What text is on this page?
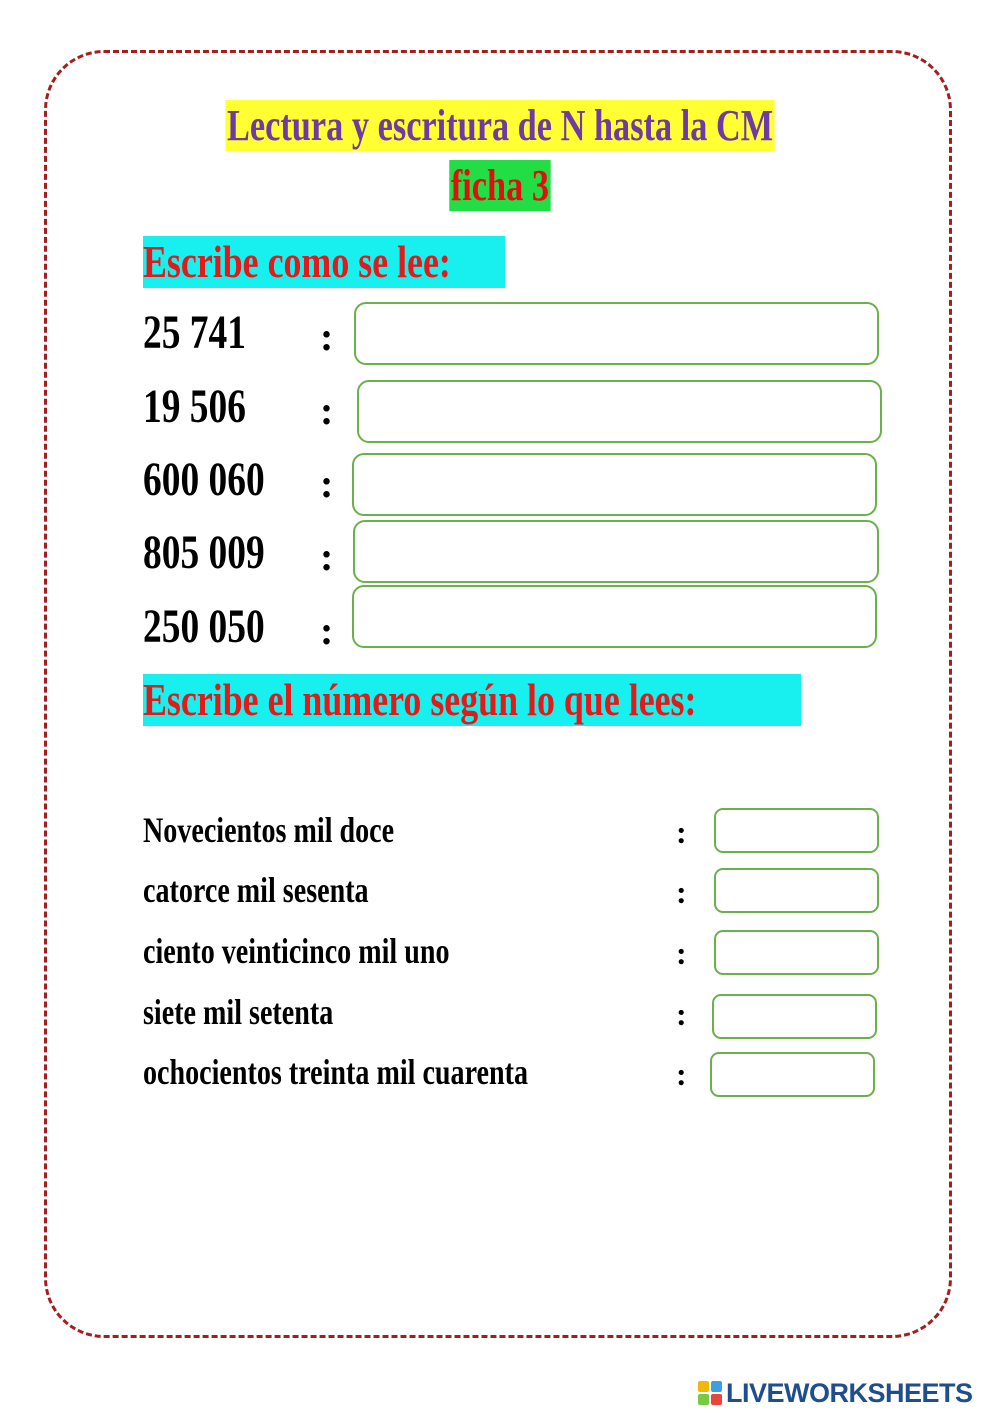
Lectura y escritura de N hasta la CM
ficha 3
Escribe como se lee:
25 741	:
19 506	:
600 060	:
805 009	:
250 050	:
Escribe el número según lo que lees:
Novecientos mil doce	:
catorce mil sesenta	:
ciento veinticinco mil uno	:
siete mil setenta	:
ochocientos treinta mil cuarenta	:
LIVEWORKSHEETS
